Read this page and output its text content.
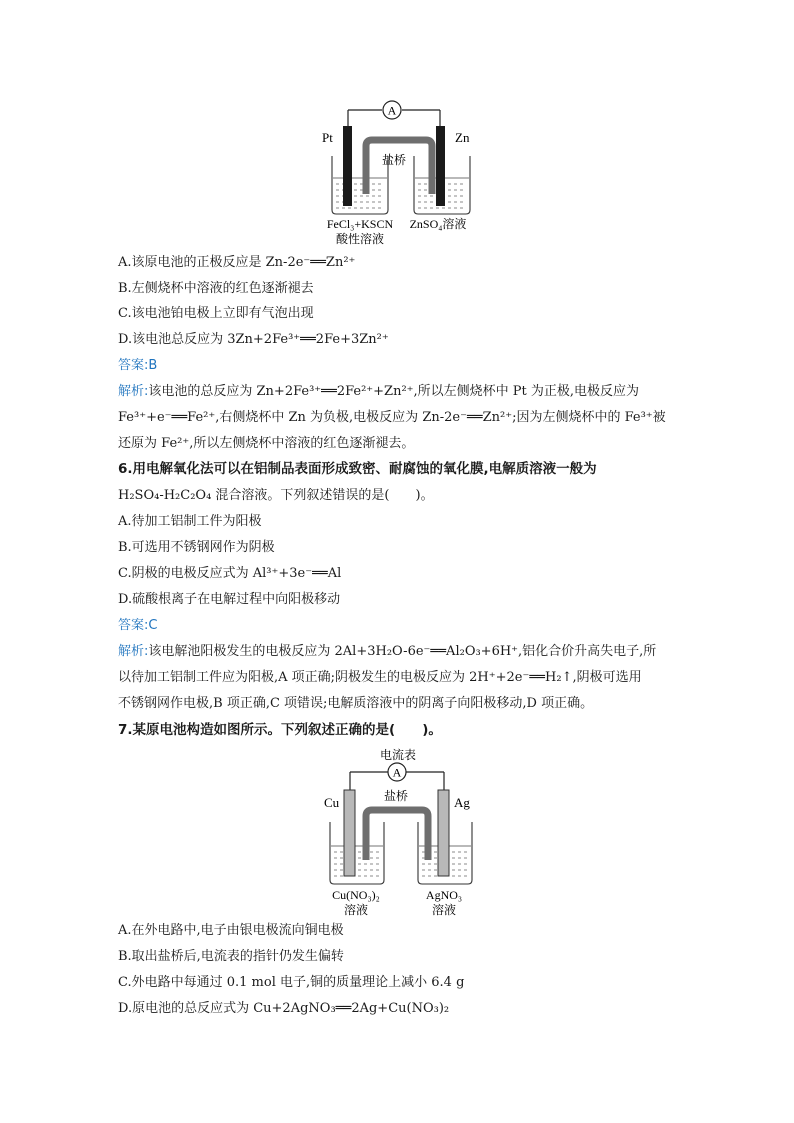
A
Pt	Zn
盐桥
FeCl₃+KSCN
酸性溶液
ZnSO₄溶液
A.该原电池的正极反应是 Zn-2e⁻══Zn²⁺
B.左侧烧杯中溶液的红色逐渐褪去
C.该电池铂电极上立即有气泡出现
D.该电池总反应为 3Zn+2Fe³⁺══2Fe+3Zn²⁺
答案:B
解析:该电池的总反应为 Zn+2Fe³⁺══2Fe²⁺+Zn²⁺,所以左侧烧杯中 Pt 为正极,电极反应为
Fe³⁺+e⁻══Fe²⁺,右侧烧杯中 Zn 为负极,电极反应为 Zn-2e⁻══Zn²⁺;因为左侧烧杯中的 Fe³⁺被
还原为 Fe²⁺,所以左侧烧杯中溶液的红色逐渐褪去。
6.用电解氧化法可以在铝制品表面形成致密、耐腐蚀的氧化膜,电解质溶液一般为
H₂SO₄-H₂C₂O₄ 混合溶液。下列叙述错误的是(　　)。
A.待加工铝制工件为阳极
B.可选用不锈钢网作为阴极
C.阴极的电极反应式为 Al³⁺+3e⁻══Al
D.硫酸根离子在电解过程中向阳极移动
答案:C
解析:该电解池阳极发生的电极反应为 2Al+3H₂O-6e⁻══Al₂O₃+6H⁺,铝化合价升高失电子,所
以待加工铝制工件应为阳极,A 项正确;阴极发生的电极反应为 2H⁺+2e⁻══H₂↑,阴极可选用
不锈钢网作电极,B 项正确,C 项错误;电解质溶液中的阴离子向阳极移动,D 项正确。
7.某原电池构造如图所示。下列叙述正确的是(　　)。
电流表
A
Cu	Ag
盐桥
Cu(NO₃)₂
溶液
AgNO₃
溶液
A.在外电路中,电子由银电极流向铜电极
B.取出盐桥后,电流表的指针仍发生偏转
C.外电路中每通过 0.1 mol 电子,铜的质量理论上减小 6.4 g
D.原电池的总反应式为 Cu+2AgNO₃══2Ag+Cu(NO₃)₂
